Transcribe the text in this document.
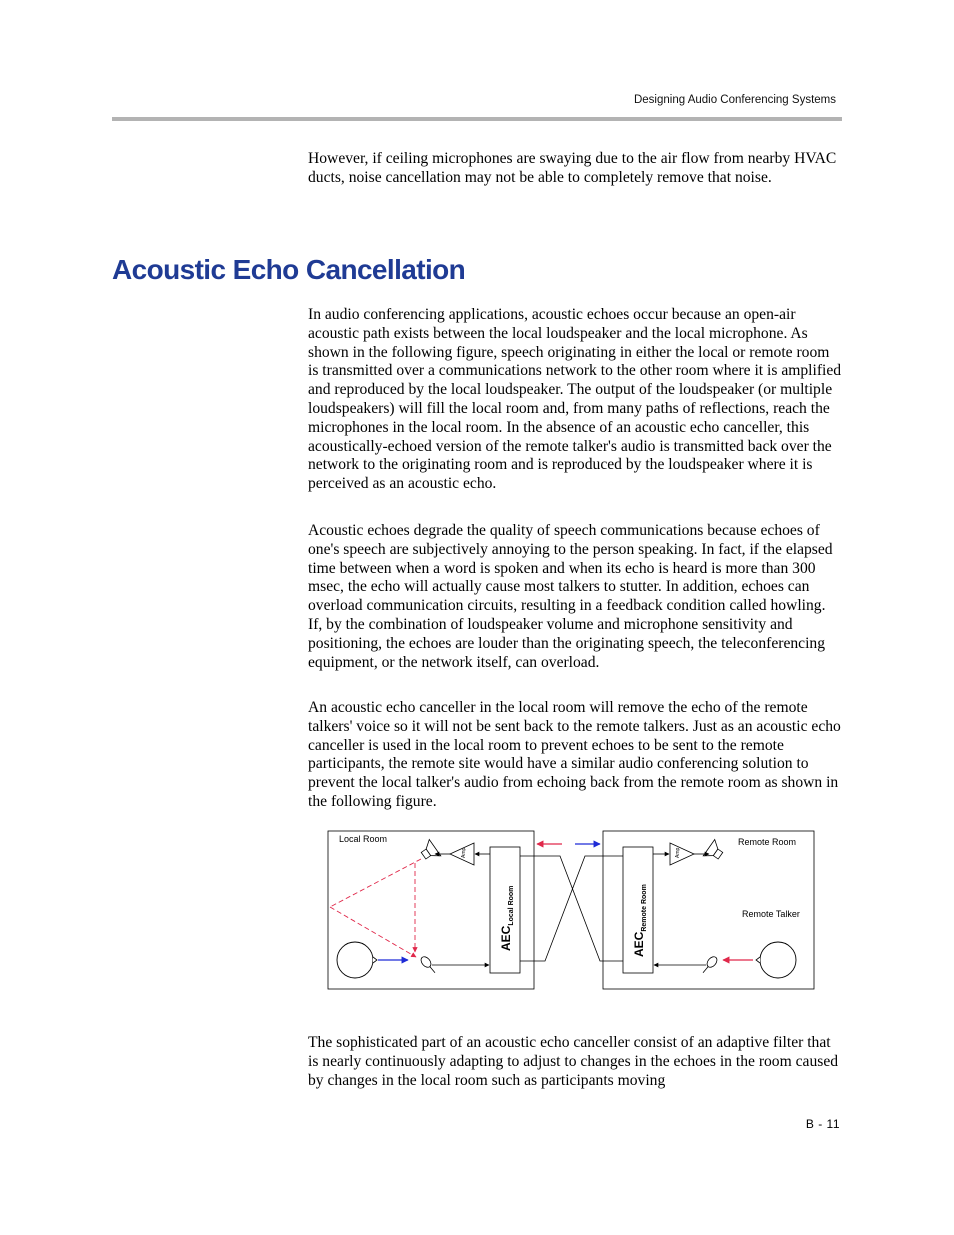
Designing Audio Conferencing Systems

However, if ceiling microphones are swaying due to the air flow from nearby HVAC ducts, noise cancellation may not be able to completely remove that noise.

Acoustic Echo Cancellation

In audio conferencing applications, acoustic echoes occur because an open-air acoustic path exists between the local loudspeaker and the local microphone. As shown in the following figure, speech originating in either the local or remote room is transmitted over a communications network to the other room where it is amplified and reproduced by the local loudspeaker. The output of the loudspeaker (or multiple loudspeakers) will fill the local room and, from many paths of reflections, reach the microphones in the local room. In the absence of an acoustic echo canceller, this acoustically-echoed version of the remote talker's audio is transmitted back over the network to the originating room and is reproduced by the loudspeaker where it is perceived as an acoustic echo.

Acoustic echoes degrade the quality of speech communications because echoes of one's speech are subjectively annoying to the person speaking. In fact, if the elapsed time between when a word is spoken and when its echo is heard is more than 300 msec, the echo will actually cause most talkers to stutter. In addition, echoes can overload communication circuits, resulting in a feedback condition called howling. If, by the combination of loudspeaker volume and microphone sensitivity and positioning, the echoes are louder than the originating speech, the teleconferencing equipment, or the network itself, can overload.

An acoustic echo canceller in the local room will remove the echo of the remote talkers' voice so it will not be sent back to the remote talkers. Just as an acoustic echo canceller is used in the local room to prevent echoes to be sent to the remote participants, the remote site would have a similar audio conferencing solution to prevent the local talker's audio from echoing back from the remote room as shown in the following figure.

Local Room	Remote Room
Remote Talker
$AEC_{Local Room}$
$AEC_{Remote Room}$
Amp	Amp

The sophisticated part of an acoustic echo canceller consist of an adaptive filter that is nearly continuously adapting to adjust to changes in the echoes in the room caused by changes in the local room such as participants moving

B - 11
